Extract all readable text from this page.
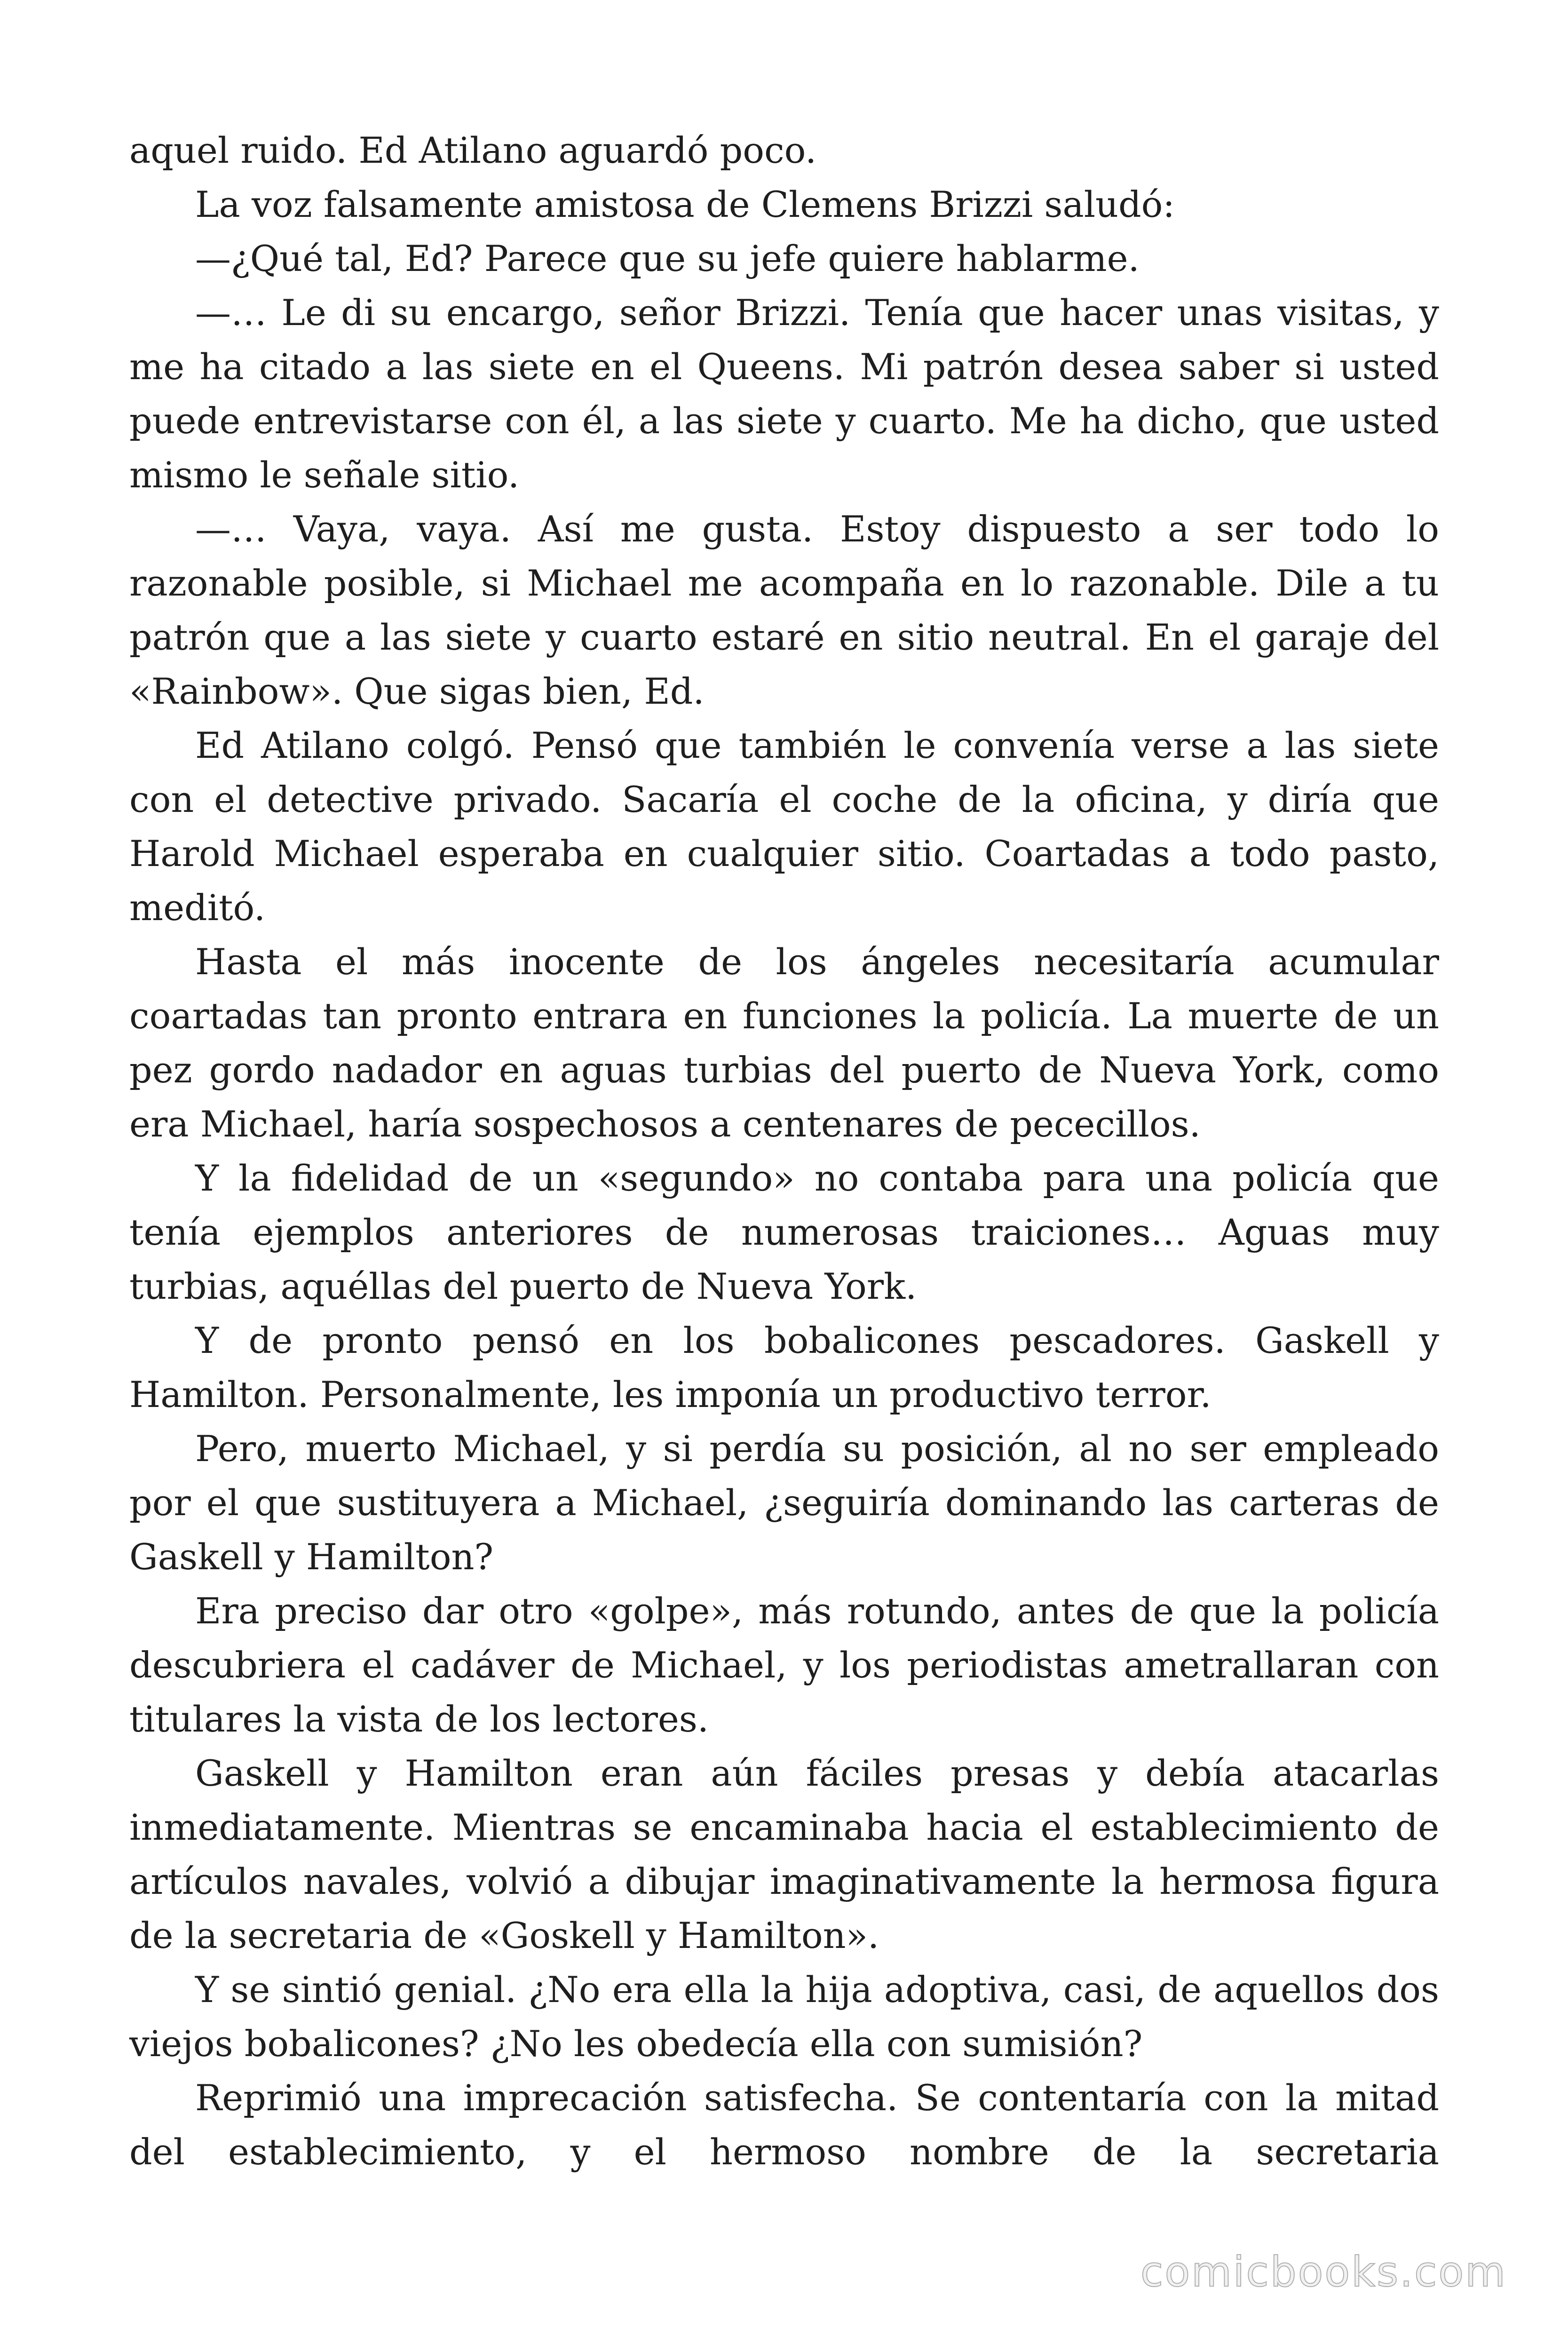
aquel ruido. Ed Atilano aguardó poco.

La voz falsamente amistosa de Clemens Brizzi saludó:

—¿Qué tal, Ed? Parece que su jefe quiere hablarme.

—… Le di su encargo, señor Brizzi. Tenía que hacer unas visitas, y me ha citado a las siete en el Queens. Mi patrón desea saber si usted puede entrevistarse con él, a las siete y cuarto. Me ha dicho, que usted mismo le señale sitio.

—… Vaya, vaya. Así me gusta. Estoy dispuesto a ser todo lo razonable posible, si Michael me acompaña en lo razonable. Dile a tu patrón que a las siete y cuarto estaré en sitio neutral. En el garaje del «Rainbow». Que sigas bien, Ed.

Ed Atilano colgó. Pensó que también le convenía verse a las siete con el detective privado. Sacaría el coche de la oficina, y diría que Harold Michael esperaba en cualquier sitio. Coartadas a todo pasto, meditó.

Hasta el más inocente de los ángeles necesitaría acumular coartadas tan pronto entrara en funciones la policía. La muerte de un pez gordo nadador en aguas turbias del puerto de Nueva York, como era Michael, haría sospechosos a centenares de pececillos.

Y la fidelidad de un «segundo» no contaba para una policía que tenía ejemplos anteriores de numerosas traiciones… Aguas muy turbias, aquéllas del puerto de Nueva York.

Y de pronto pensó en los bobalicones pescadores. Gaskell y Hamilton. Personalmente, les imponía un productivo terror.

Pero, muerto Michael, y si perdía su posición, al no ser empleado por el que sustituyera a Michael, ¿seguiría dominando las carteras de Gaskell y Hamilton?

Era preciso dar otro «golpe», más rotundo, antes de que la policía descubriera el cadáver de Michael, y los periodistas ametrallaran con titulares la vista de los lectores.

Gaskell y Hamilton eran aún fáciles presas y debía atacarlas inmediatamente. Mientras se encaminaba hacia el establecimiento de artículos navales, volvió a dibujar imaginativamente la hermosa figura de la secretaria de «Goskell y Hamilton».

Y se sintió genial. ¿No era ella la hija adoptiva, casi, de aquellos dos viejos bobalicones? ¿No les obedecía ella con sumisión?

Reprimió una imprecación satisfecha. Se contentaría con la mitad del establecimiento, y el hermoso nombre de la secretaria

comicbooks.com
